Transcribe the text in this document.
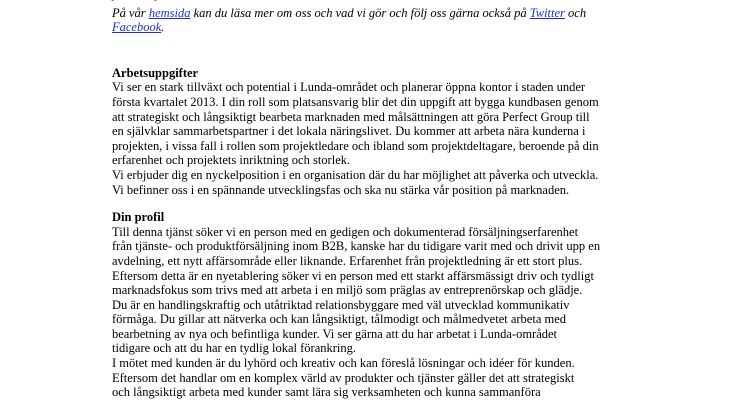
På vår hemsida kan du läsa mer om oss och vad vi gör och följ oss gärna också på Twitter och
Facebook.

Arbetsuppgifter

Vi ser en stark tillväxt och potential i Lunda-området och planerar öppna kontor i staden under

första kvartalet 2013. I din roll som platsansvarig blir det din uppgift att bygga kundbasen genom

att strategiskt och långsiktigt bearbeta marknaden med målsättningen att göra Perfect Group till

en självklar sammarbetspartner i det lokala näringslivet. Du kommer att arbeta nära kunderna i

projekten, i vissa fall i rollen som projektledare och ibland som projektdeltagare, beroende på din

erfarenhet och projektets inriktning och storlek.

Vi erbjuder dig en nyckelposition i en organisation där du har möjlighet att påverka och utveckla.

Vi befinner oss i en spännande utvecklingsfas och ska nu stärka vår position på marknaden.

Din profil

Till denna tjänst söker vi en person med en gedigen och dokumenterad försäljningserfarenhet

från tjänste- och produktförsäljning inom B2B, kanske har du tidigare varit med och drivit upp en

avdelning, ett nytt affärsområde eller liknande. Erfarenhet från projektledning är ett stort plus.

Eftersom detta är en nyetablering söker vi en person med ett starkt affärsmässigt driv och tydligt

marknadsfokus som trivs med att arbeta i en miljö som präglas av entreprenörskap och glädje.

Du är en handlingskraftig och utåtriktad relationsbyggare med väl utvecklad kommunikativ

förmåga. Du gillar att nätverka och kan långsiktigt, tålmodigt och målmedvetet arbeta med

bearbetning av nya och befintliga kunder. Vi ser gärna att du har arbetat i Lunda-området

tidigare och att du har en tydlig lokal förankring.

I mötet med kunden är du lyhörd och kreativ och kan föreslå lösningar och idéer för kunden.

Eftersom det handlar om en komplex värld av produkter och tjänster gäller det att strategiskt

och långsiktigt arbeta med kunder samt lära sig verksamheten och kunna sammanföra
